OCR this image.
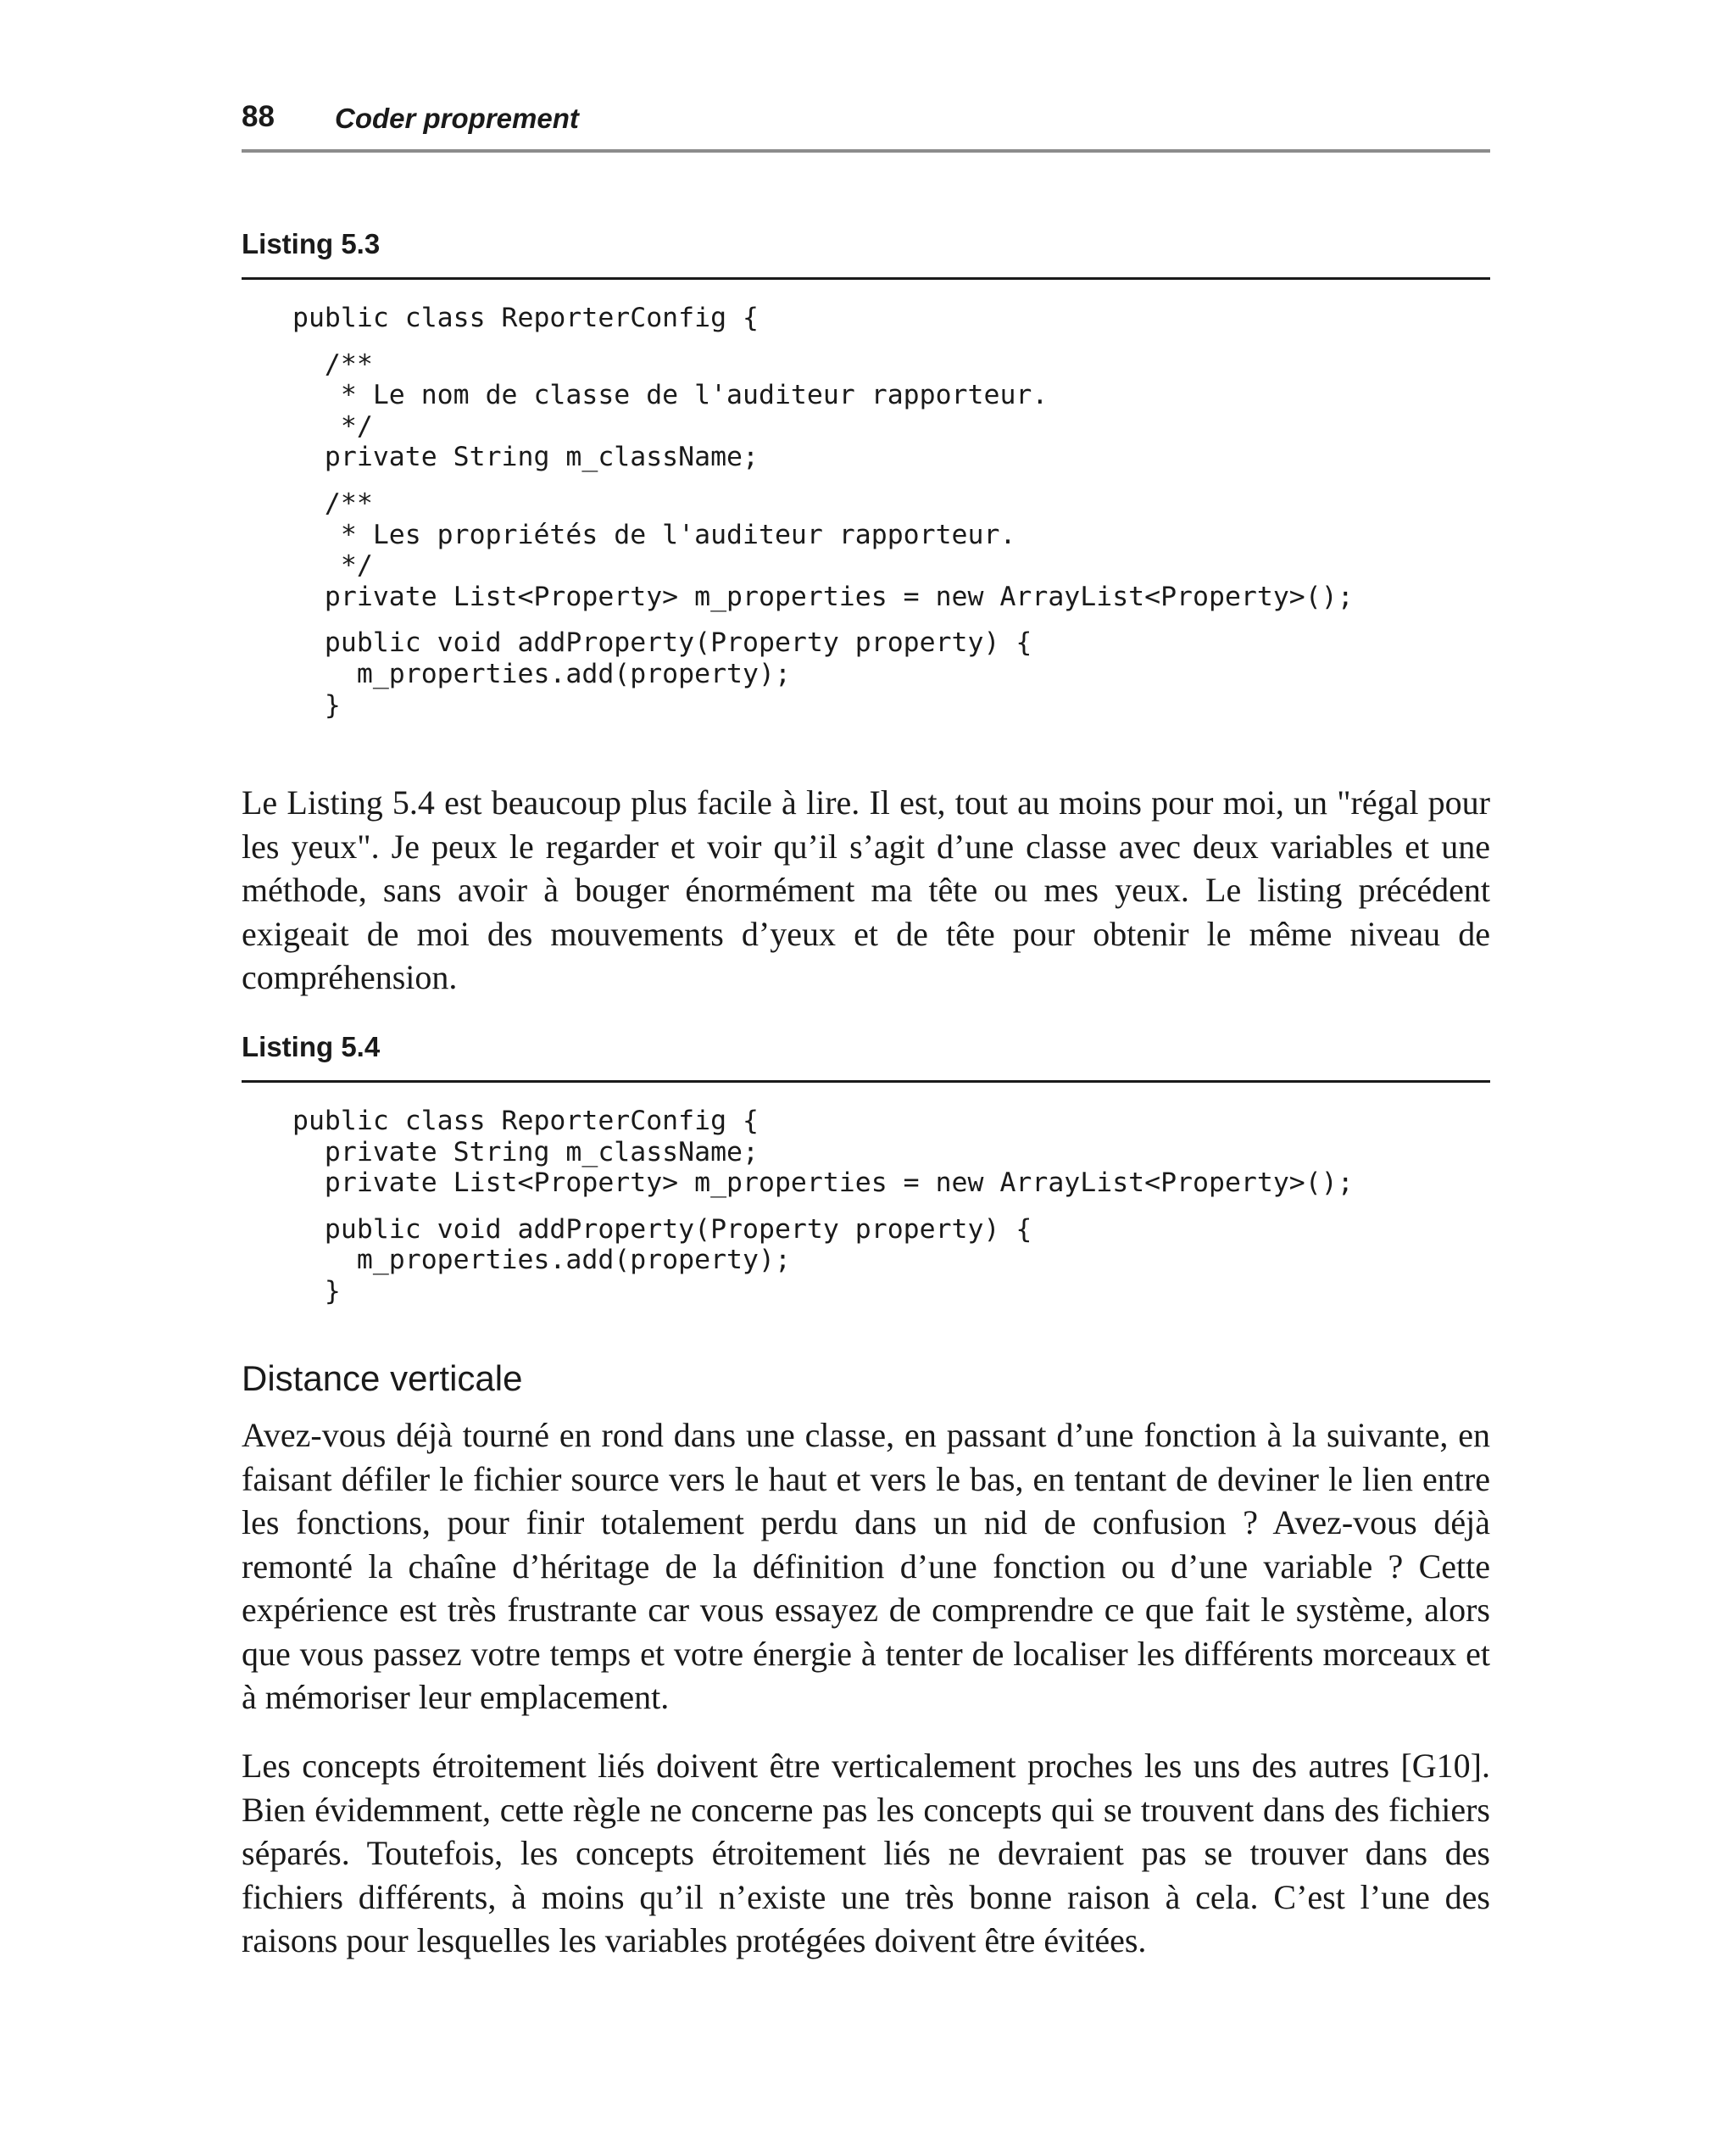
88 Coder proprement
Listing 5.3
public class ReporterConfig {
/**
* Le nom de classe de l'auditeur rapporteur.
*/
private String m_className;
/**
* Les propriétés de l'auditeur rapporteur.
*/
private List<Property> m_properties = new ArrayList<Property>();
public void addProperty(Property property) {
m_properties.add(property);
}

Le Listing 5.4 est beaucoup plus facile à lire. Il est, tout au moins pour moi, un "régal pour les yeux". Je peux le regarder et voir qu’il s’agit d’une classe avec deux variables et une méthode, sans avoir à bouger énormément ma tête ou mes yeux. Le listing précédent exigeait de moi des mouvements d’yeux et de tête pour obtenir le même niveau de compréhension.

Listing 5.4
public class ReporterConfig {
private String m_className;
private List<Property> m_properties = new ArrayList<Property>();
public void addProperty(Property property) {
m_properties.add(property);
}
Distance verticale

Avez-vous déjà tourné en rond dans une classe, en passant d’une fonction à la suivante, en faisant défiler le fichier source vers le haut et vers le bas, en tentant de deviner le lien entre les fonctions, pour finir totalement perdu dans un nid de confusion ? Avez-vous déjà remonté la chaîne d’héritage de la définition d’une fonction ou d’une variable ? Cette expérience est très frustrante car vous essayez de comprendre ce que fait le système, alors que vous passez votre temps et votre énergie à tenter de localiser les différents morceaux et à mémoriser leur emplacement.

Les concepts étroitement liés doivent être verticalement proches les uns des autres [G10]. Bien évidemment, cette règle ne concerne pas les concepts qui se trouvent dans des fichiers séparés. Toutefois, les concepts étroitement liés ne devraient pas se trouver dans des fichiers différents, à moins qu’il n’existe une très bonne raison à cela. C’est l’une des raisons pour lesquelles les variables protégées doivent être évitées.
